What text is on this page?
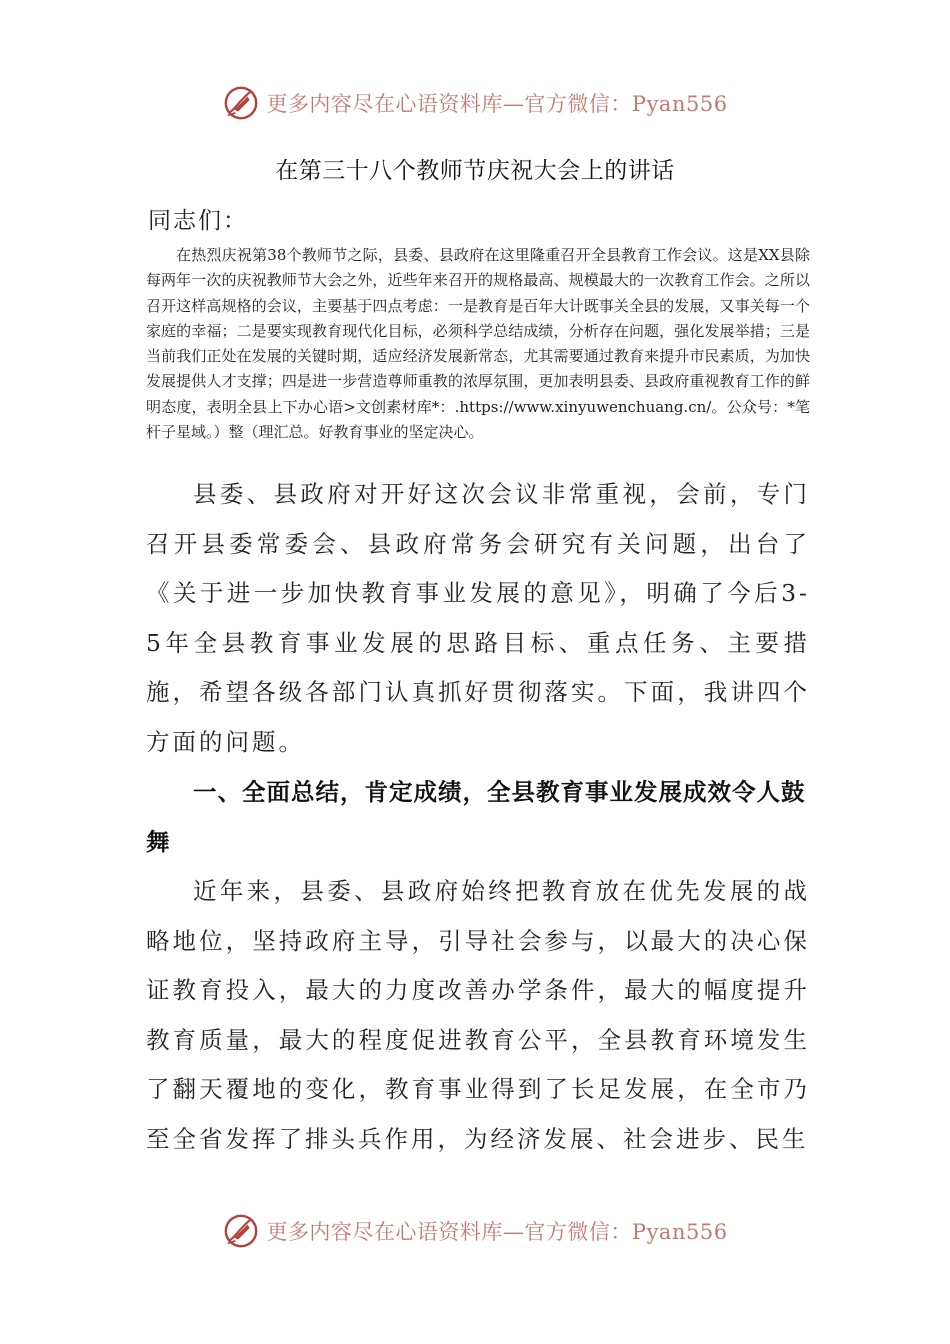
更多内容尽在心语资料库—官方微信：Pyan556
在第三十八个教师节庆祝大会上的讲话
同志们：
在热烈庆祝第38个教师节之际，县委、县政府在这里隆重召开全县教育工作会议。这是XX县除每两年一次的庆祝教师节大会之外，近些年来召开的规格最高、规模最大的一次教育工作会。之所以召开这样高规格的会议，主要基于四点考虑：一是教育是百年大计既事关全县的发展，又事关每一个家庭的幸福；二是要实现教育现代化目标，必须科学总结成绩，分析存在问题，强化发展举措；三是当前我们正处在发展的关键时期，适应经济发展新常态，尤其需要通过教育来提升市民素质，为加快发展提供人才支撑；四是进一步营造尊师重教的浓厚氛围，更加表明县委、县政府重视教育工作的鲜明态度，表明全县上下办心语>文创素材库*：.https://www.xinyuwenchuang.cn/。公众号：*笔杆子星域。）整（理汇总。好教育事业的坚定决心。
县委、县政府对开好这次会议非常重视，会前，专门召开县委常委会、县政府常务会研究有关问题，出台了《关于进一步加快教育事业发展的意见》，明确了今后3-5年全县教育事业发展的思路目标、重点任务、主要措施，希望各级各部门认真抓好贯彻落实。下面，我讲四个方面的问题。
一、全面总结，肯定成绩，全县教育事业发展成效令人鼓舞
近年来，县委、县政府始终把教育放在优先发展的战略地位，坚持政府主导，引导社会参与，以最大的决心保证教育投入，最大的力度改善办学条件，最大的幅度提升教育质量，最大的程度促进教育公平，全县教育环境发生了翻天覆地的变化，教育事业得到了长足发展，在全市乃至全省发挥了排头兵作用，为经济发展、社会进步、民生
更多内容尽在心语资料库—官方微信：Pyan556
